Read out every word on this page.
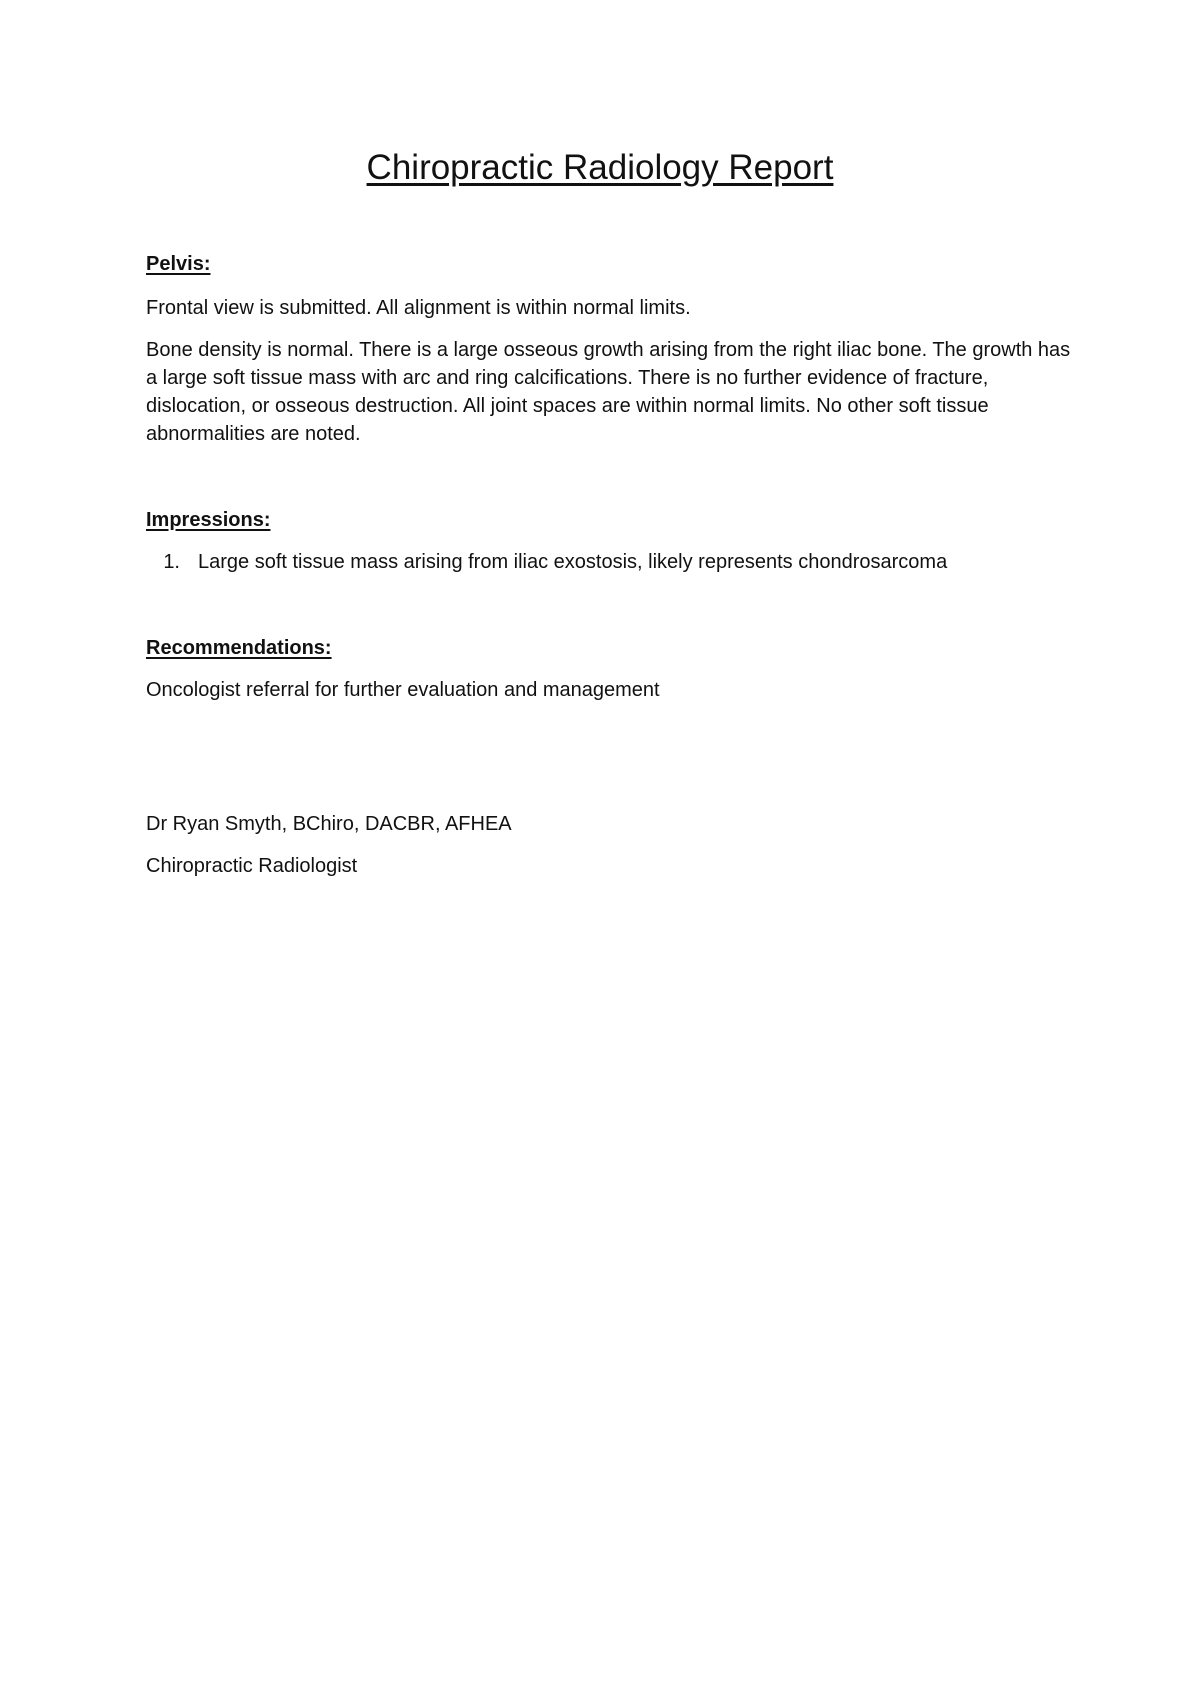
Chiropractic Radiology Report

Pelvis:

Frontal view is submitted. All alignment is within normal limits.

Bone density is normal. There is a large osseous growth arising from the right iliac bone. The growth has a large soft tissue mass with arc and ring calcifications. There is no further evidence of fracture, dislocation, or osseous destruction. All joint spaces are within normal limits. No other soft tissue abnormalities are noted.

Impressions:

1. Large soft tissue mass arising from iliac exostosis, likely represents chondrosarcoma

Recommendations:

Oncologist referral for further evaluation and management

Dr Ryan Smyth, BChiro, DACBR, AFHEA

Chiropractic Radiologist
